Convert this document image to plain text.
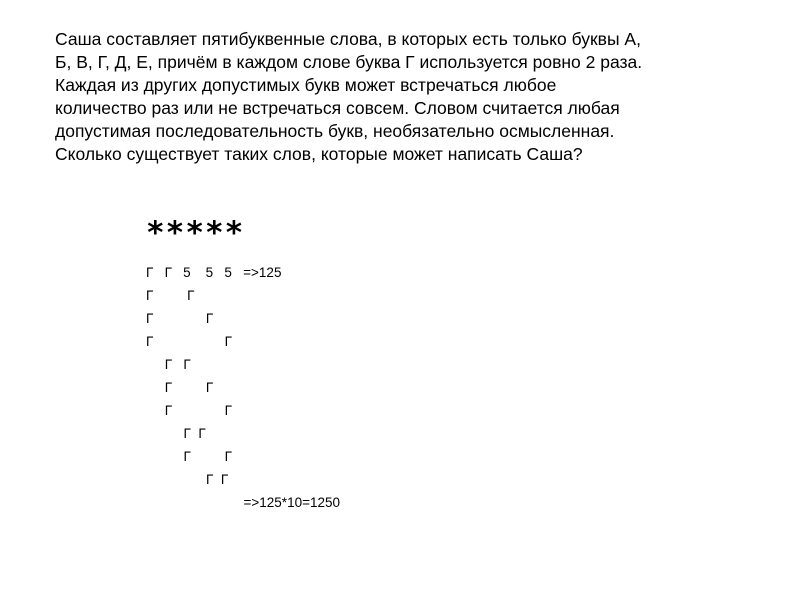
Саша составляет пятибуквенные слова, в которых есть только буквы А,
Б, В, Г, Д, Е, причём в каждом слове буква Г используется ровно 2 раза.
Каждая из других допустимых букв может встречаться любое
количество раз или не встречаться совсем. Словом считается любая
допустимая последовательность букв, необязательно осмысленная.
Сколько существует таких слов, которые может написать Саша?
*****
Г   Г   5    5   5   =>125
Г         Г
Г              Г
Г                   Г
Г   Г
Г         Г
Г              Г
Г  Г
Г         Г
Г  Г
=>125*10=1250
